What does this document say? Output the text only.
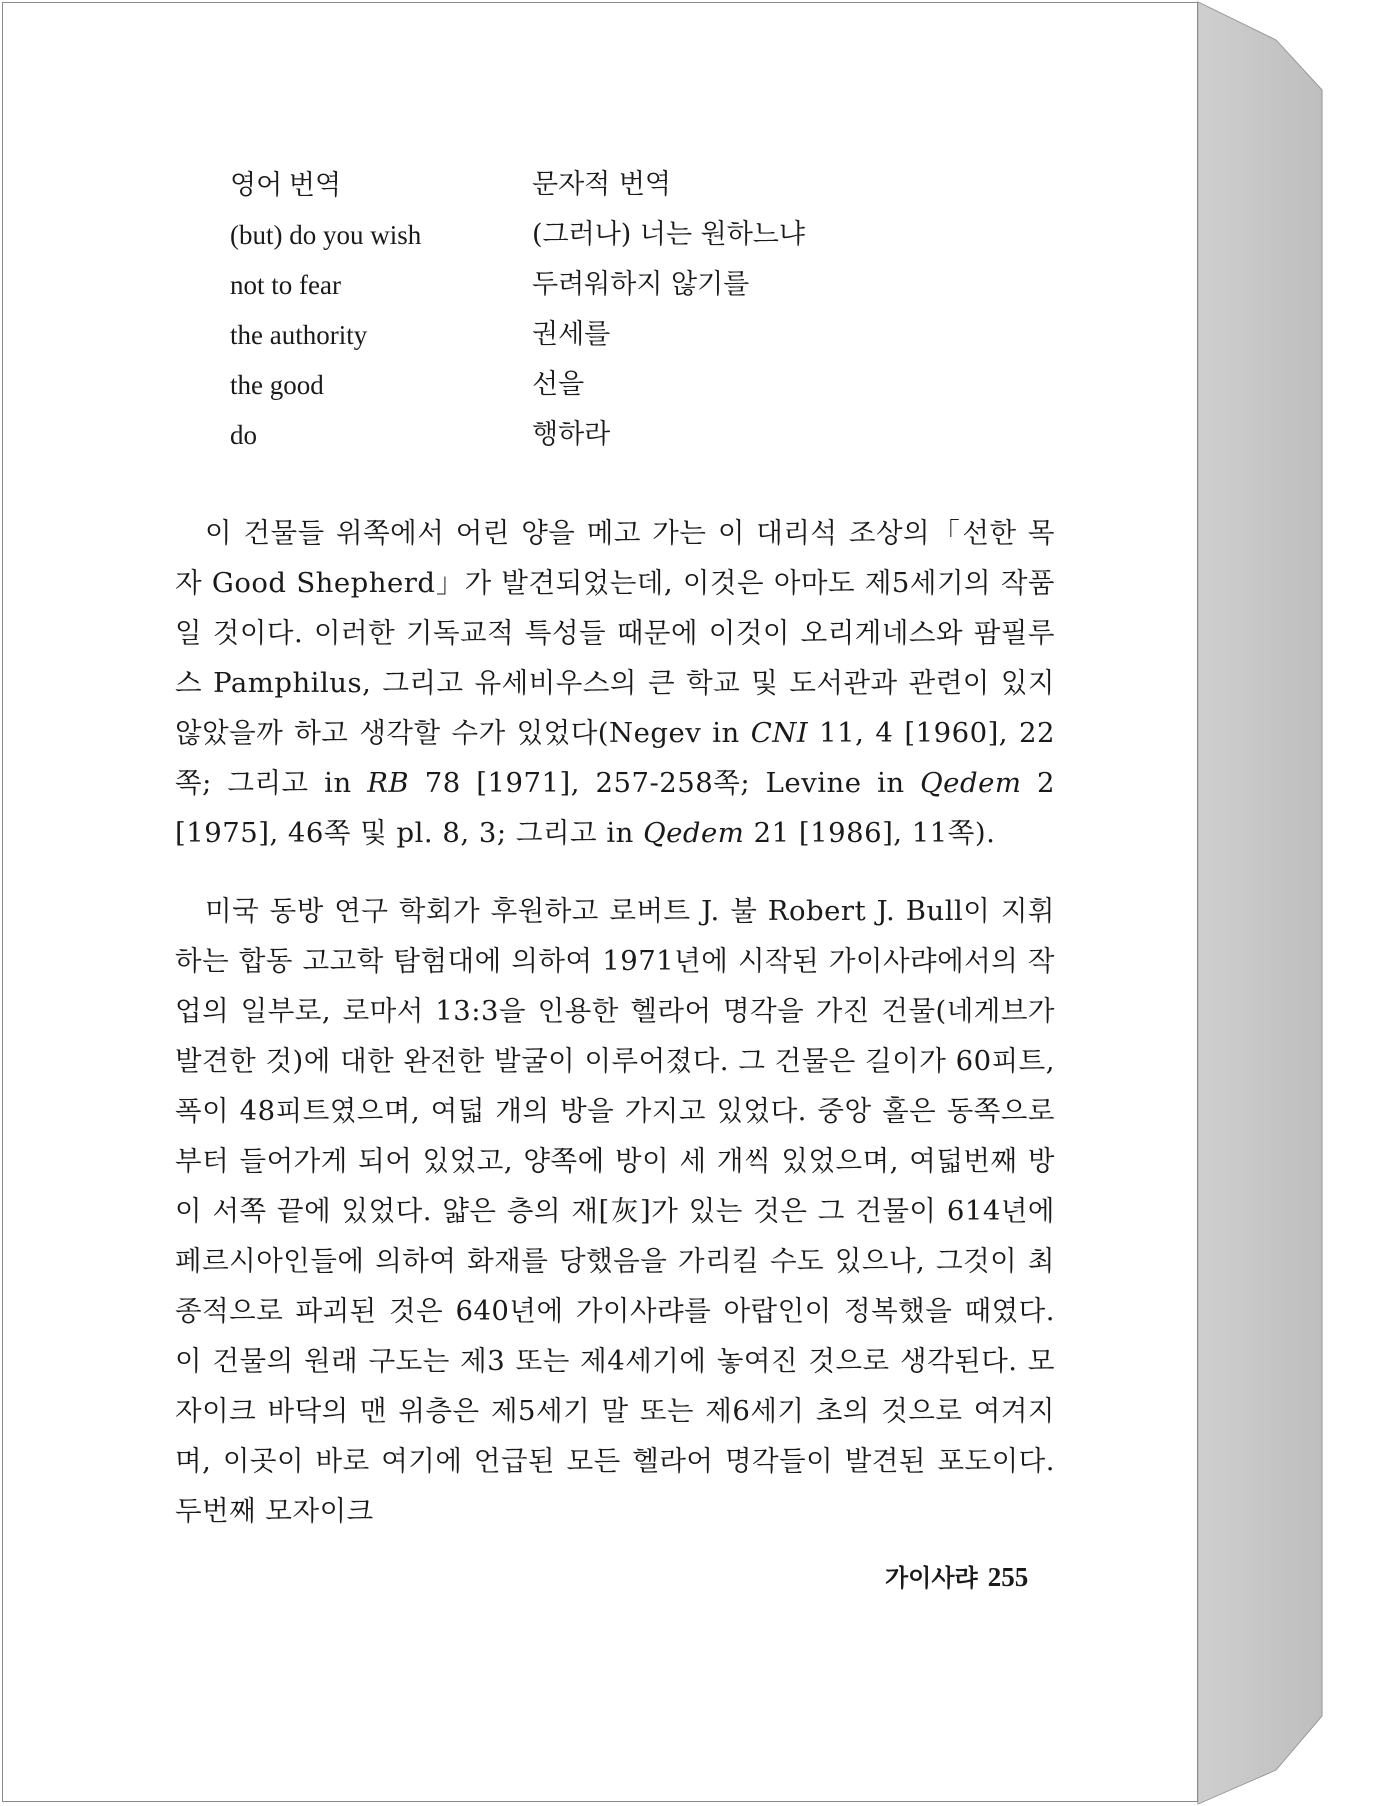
영어 번역	문자적 번역
(but) do you wish	(그러나) 너는 원하느냐
not to fear	두려워하지 않기를
the authority	권세를
the good	선을
do	행하라

이 건물들 위쪽에서 어린 양을 메고 가는 이 대리석 조상의「선한 목자 Good Shepherd」가 발견되었는데, 이것은 아마도 제5세기의 작품일 것이다. 이러한 기독교적 특성들 때문에 이것이 오리게네스와 팜필루스 Pamphilus, 그리고 유세비우스의 큰 학교 및 도서관과 관련이 있지 않았을까 하고 생각할 수가 있었다(Negev in CNI 11, 4 [1960], 22쪽; 그리고 in RB 78 [1971], 257-258쪽; Levine in Qedem 2 [1975], 46쪽 및 pl. 8, 3; 그리고 in Qedem 21 [1986], 11쪽).

미국 동방 연구 학회가 후원하고 로버트 J. 불 Robert J. Bull이 지휘하는 합동 고고학 탐험대에 의하여 1971년에 시작된 가이사랴에서의 작업의 일부로, 로마서 13:3을 인용한 헬라어 명각을 가진 건물(네게브가 발견한 것)에 대한 완전한 발굴이 이루어졌다. 그 건물은 길이가 60피트, 폭이 48피트였으며, 여덟 개의 방을 가지고 있었다. 중앙 홀은 동쪽으로부터 들어가게 되어 있었고, 양쪽에 방이 세 개씩 있었으며, 여덟번째 방이 서쪽 끝에 있었다. 얇은 층의 재[灰]가 있는 것은 그 건물이 614년에 페르시아인들에 의하여 화재를 당했음을 가리킬 수도 있으나, 그것이 최종적으로 파괴된 것은 640년에 가이사랴를 아랍인이 정복했을 때였다. 이 건물의 원래 구도는 제3 또는 제4세기에 놓여진 것으로 생각된다. 모자이크 바닥의 맨 위층은 제5세기 말 또는 제6세기 초의 것으로 여겨지며, 이곳이 바로 여기에 언급된 모든 헬라어 명각들이 발견된 포도이다. 두번째 모자이크

가이사랴 255
